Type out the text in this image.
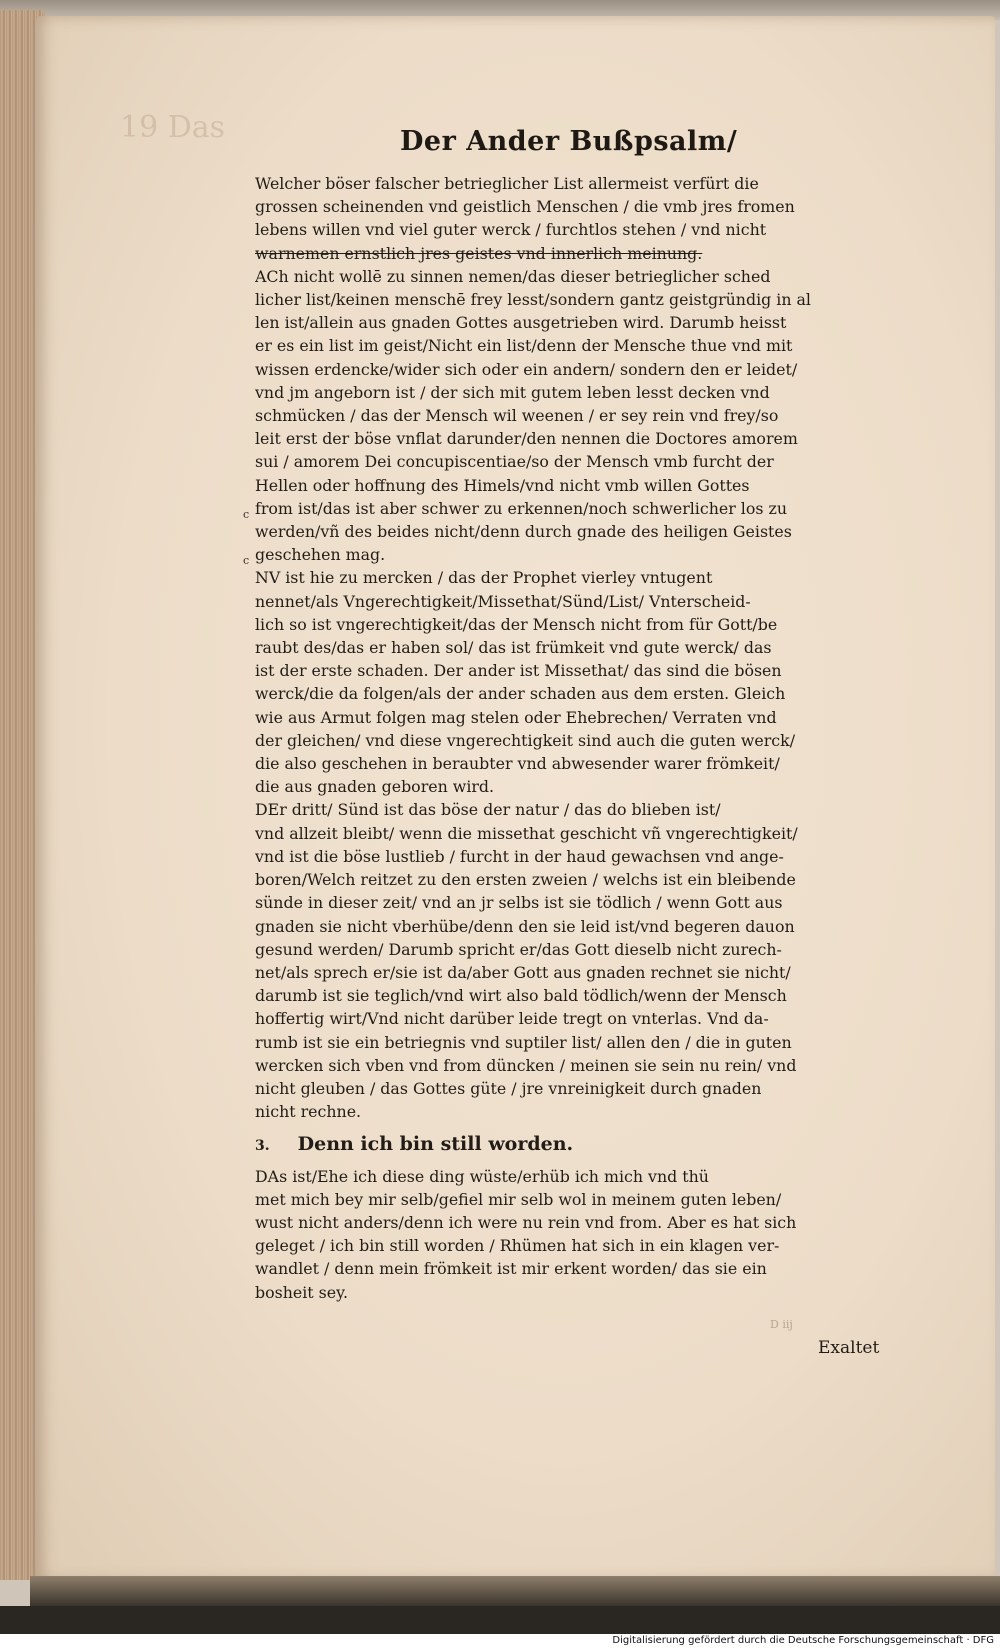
19 Das	Der Ander Bußpsalm/
c
c
Welcher böser falscher betrieglicher List allermeist verfürt die
grossen scheinenden vnd geistlich Menschen / die vmb jres fromen
lebens willen vnd viel guter werck / furchtlos stehen / vnd nicht
warnemen ernstlich jres geistes vnd innerlich meinung.
ACh nicht wollē zu sinnen nemen/das dieser betrieglicher sched
licher list/keinen menschē frey lesst/sondern gantz geistgründig in al
len ist/allein aus gnaden Gottes ausgetrieben wird. Darumb heisst
er es ein list im geist/Nicht ein list/denn der Mensche thue vnd mit
wissen erdencke/wider sich oder ein andern/ sondern den er leidet/
vnd jm angeborn ist / der sich mit gutem leben lesst decken vnd
schmücken / das der Mensch wil weenen / er sey rein vnd frey/so
leit erst der böse vnflat darunder/den nennen die Doctores amorem
sui / amorem Dei concupiscentiae/so der Mensch vmb furcht der
Hellen oder hoffnung des Himels/vnd nicht vmb willen Gottes
from ist/das ist aber schwer zu erkennen/noch schwerlicher los zu
werden/vñ des beides nicht/denn durch gnade des heiligen Geistes
geschehen mag.
NV ist hie zu mercken / das der Prophet vierley vntugent
nennet/als Vngerechtigkeit/Missethat/Sünd/List/ Vnterscheid-
lich so ist vngerechtigkeit/das der Mensch nicht from für Gott/be
raubt des/das er haben sol/ das ist frümkeit vnd gute werck/ das
ist der erste schaden. Der ander ist Missethat/ das sind die bösen
werck/die da folgen/als der ander schaden aus dem ersten. Gleich
wie aus Armut folgen mag stelen oder Ehebrechen/ Verraten vnd
der gleichen/ vnd diese vngerechtigkeit sind auch die guten werck/
die also geschehen in beraubter vnd abwesender warer frömkeit/
die aus gnaden geboren wird.
DEr dritt/ Sünd ist das böse der natur / das do blieben ist/
vnd allzeit bleibt/ wenn die missethat geschicht vñ vngerechtigkeit/
vnd ist die böse lustlieb / furcht in der haud gewachsen vnd ange-
boren/Welch reitzet zu den ersten zweien / welchs ist ein bleibende
sünde in dieser zeit/ vnd an jr selbs ist sie tödlich / wenn Gott aus
gnaden sie nicht vberhübe/denn den sie leid ist/vnd begeren dauon
gesund werden/ Darumb spricht er/das Gott dieselb nicht zurech-
net/als sprech er/sie ist da/aber Gott aus gnaden rechnet sie nicht/
darumb ist sie teglich/vnd wirt also bald tödlich/wenn der Mensch
hoffertig wirt/Vnd nicht darüber leide tregt on vnterlas. Vnd da-
rumb ist sie ein betriegnis vnd suptiler list/ allen den / die in guten
wercken sich vben vnd from düncken / meinen sie sein nu rein/ vnd
nicht gleuben / das Gottes güte / jre vnreinigkeit durch gnaden
nicht rechne.
3. Denn ich bin still worden.
DAs ist/Ehe ich diese ding wüste/erhüb ich mich vnd thü
met mich bey mir selb/gefiel mir selb wol in meinem guten leben/
wust nicht anders/denn ich were nu rein vnd from. Aber es hat sich
geleget / ich bin still worden / Rhümen hat sich in ein klagen ver-
wandlet / denn mein frömkeit ist mir erkent worden/ das sie ein
bosheit sey.
D iij
Exaltet
Digitalisierung gefördert durch die Deutsche Forschungsgemeinschaft · DFG
